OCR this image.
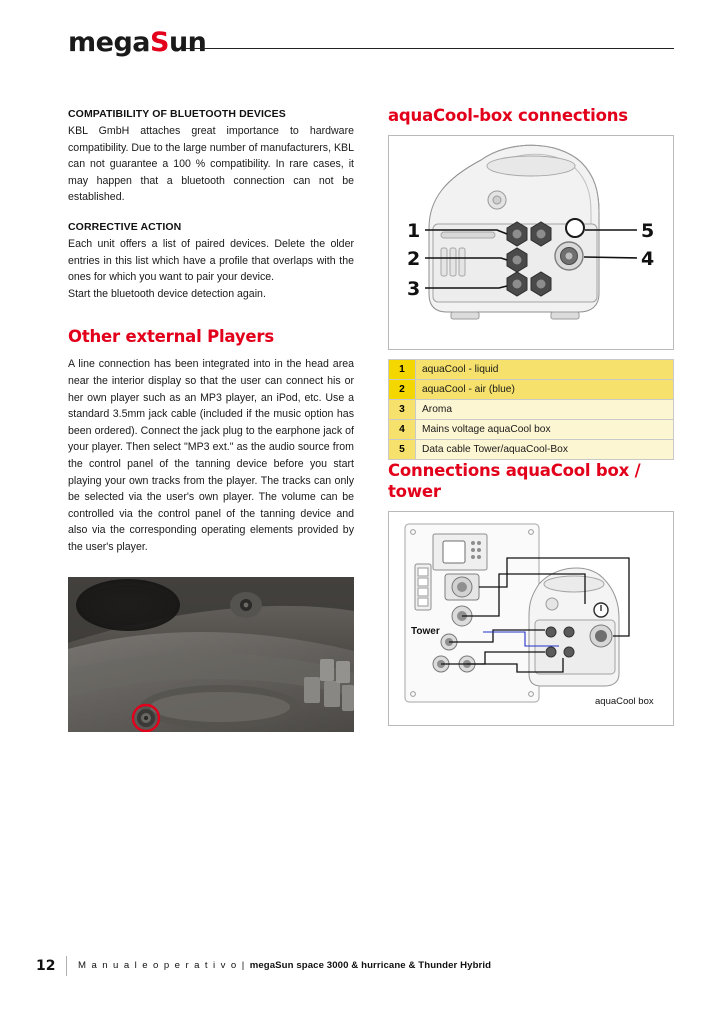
megaSun
COMPATIBILITY OF BLUETOOTH DEVICES

KBL GmbH attaches great importance to hardware compatibility. Due to the large number of manufacturers, KBL can not guarantee a 100 % compatibility. In rare cases, it may happen that a bluetooth connection can not be established.

CORRECTIVE ACTION

Each unit offers a list of paired devices. Delete the older entries in this list which have a profile that overlaps with the ones for which you want to pair your device.

Start the bluetooth device detection again.

Other external Players

A line connection has been integrated into in the head area near the interior display so that the user can connect his or her own player such as an MP3 player, an iPod, etc. Use a standard 3.5mm jack cable (included if the music option has been ordered). Connect the jack plug to the earphone jack of your player. Then select "MP3 ext." as the audio source from the control panel of the tanning device before you start playing your own tracks from the player. The tracks can only be selected via the user's own player. The volume can be controlled via the control panel of the tanning device and also via the corresponding operating elements provided by the user's player.

aquaCool-box connections
1
2
3
4
5
1	aquaCool - liquid
2	aquaCool - air (blue)
3	Aroma
4	Mains voltage aquaCool box
5	Data cable Tower/aquaCool-Box
Connections aquaCool box / tower
Tower
aquaCool box
12 M a n u a l e o p e r a t i v o | megaSun space 3000 & hurricane & Thunder Hybrid
